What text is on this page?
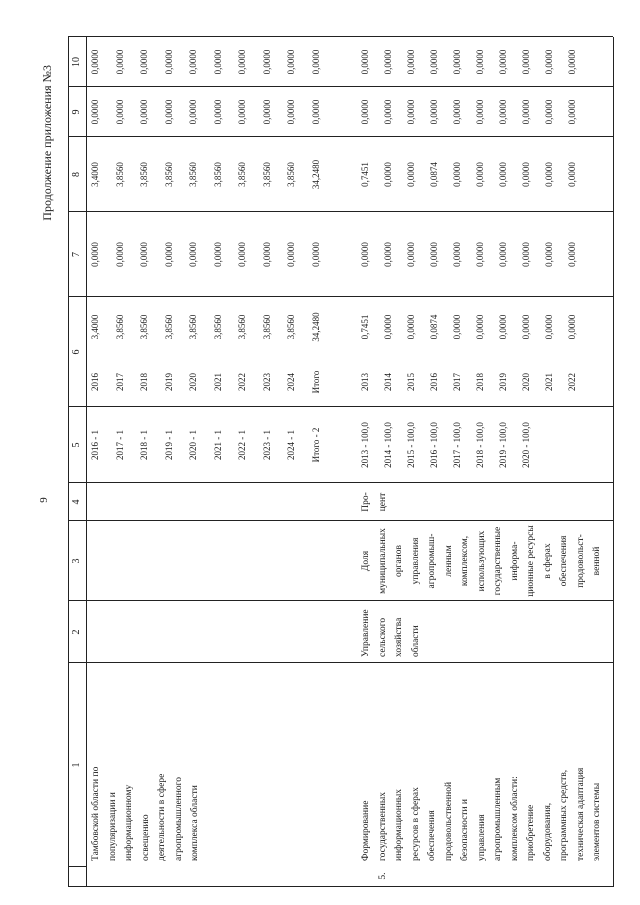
9
Продолжение приложения №3
1
2
3
4
5
6
7
8
9
10
Тамбовской области по популяризации и информационному освещению деятельности в сфере агропромышленного комплекса области
5.
Формирование государственных информационных ресурсов в сферах обеспечения продовольственной безопасности и управления агропромышленным комплексом области: приобретение оборудования, программных средств, техническая адаптация элементов системы
Управление сельского хозяйства области
Доля муниципальных органов управления агропромыш- ленным комплексом, использующих государственные информа- ционные ресурсы в сферах обеспечения продовольст- венной
Про- цент
2016 - 1
2016
3,4000
0,0000
3,4000
0,0000
0,0000
2017 - 1
2017
3,8560
0,0000
3,8560
0,0000
0,0000
2018 - 1
2018
3,8560
0,0000
3,8560
0,0000
0,0000
2019 - 1
2019
3,8560
0,0000
3,8560
0,0000
0,0000
2020 - 1
2020
3,8560
0,0000
3,8560
0,0000
0,0000
2021 - 1
2021
3,8560
0,0000
3,8560
0,0000
0,0000
2022 - 1
2022
3,8560
0,0000
3,8560
0,0000
0,0000
2023 - 1
2023
3,8560
0,0000
3,8560
0,0000
0,0000
2024 - 1
2024
3,8560
0,0000
3,8560
0,0000
0,0000
Итого - 2
Итого
34,2480
0,0000
34,2480
0,0000
0,0000
2013 - 100,0 2014 - 100,0 2015 - 100,0 2016 - 100,0 2017 - 100,0 2018 - 100,0 2019 - 100,0 2020 - 100,0
2013
0,7451
0,0000
0,7451
0,0000
0,0000
2014
0,0000
0,0000
0,0000
0,0000
0,0000
2015
0,0000
0,0000
0,0000
0,0000
0,0000
2016
0,0874
0,0000
0,0874
0,0000
0,0000
2017
0,0000
0,0000
0,0000
0,0000
0,0000
2018
0,0000
0,0000
0,0000
0,0000
0,0000
2019
0,0000
0,0000
0,0000
0,0000
0,0000
2020
0,0000
0,0000
0,0000
0,0000
0,0000
2021
0,0000
0,0000
0,0000
0,0000
0,0000
2022
0,0000
0,0000
0,0000
0,0000
0,0000
